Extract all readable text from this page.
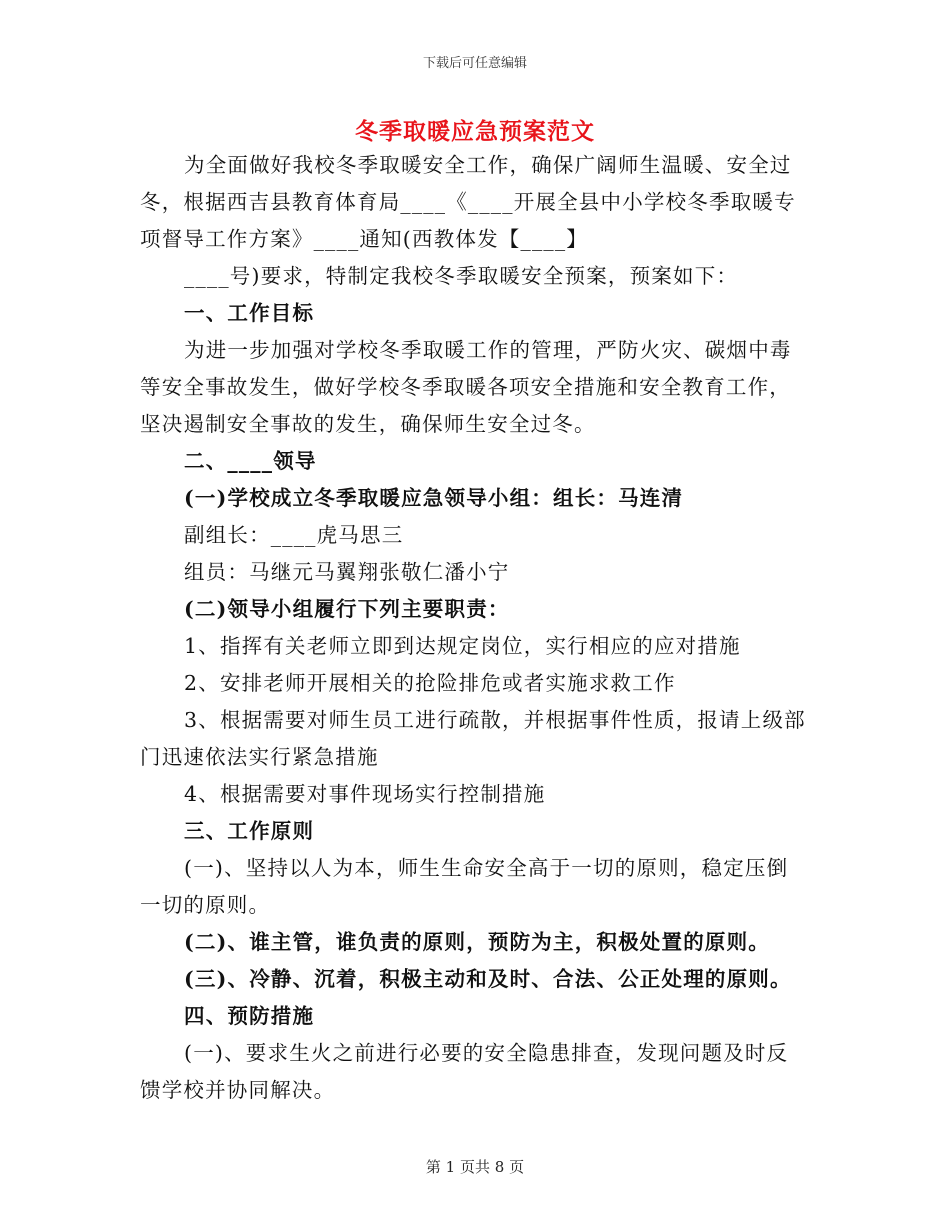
下载后可任意编辑
冬季取暖应急预案范文
为全面做好我校冬季取暖安全工作，确保广阔师生温暖、安全过
冬，根据西吉县教育体育局____《____开展全县中小学校冬季取暖专
项督导工作方案》____通知(西教体发【____】
____号)要求，特制定我校冬季取暖安全预案，预案如下：
一、工作目标
为进一步加强对学校冬季取暖工作的管理，严防火灾、碳烟中毒
等安全事故发生，做好学校冬季取暖各项安全措施和安全教育工作，
坚决遏制安全事故的发生，确保师生安全过冬。
二、____领导
(一)学校成立冬季取暖应急领导小组：组长：马连清
副组长：____虎马思三
组员：马继元马翼翔张敬仁潘小宁
(二)领导小组履行下列主要职责：
1、指挥有关老师立即到达规定岗位，实行相应的应对措施
2、安排老师开展相关的抢险排危或者实施求救工作
3、根据需要对师生员工进行疏散，并根据事件性质，报请上级部
门迅速依法实行紧急措施
4、根据需要对事件现场实行控制措施
三、工作原则
(一)、坚持以人为本，师生生命安全高于一切的原则，稳定压倒
一切的原则。
(二)、谁主管，谁负责的原则，预防为主，积极处置的原则。
(三)、冷静、沉着，积极主动和及时、合法、公正处理的原则。
四、预防措施
(一)、要求生火之前进行必要的安全隐患排查，发现问题及时反
馈学校并协同解决。
第 1 页共 8 页
